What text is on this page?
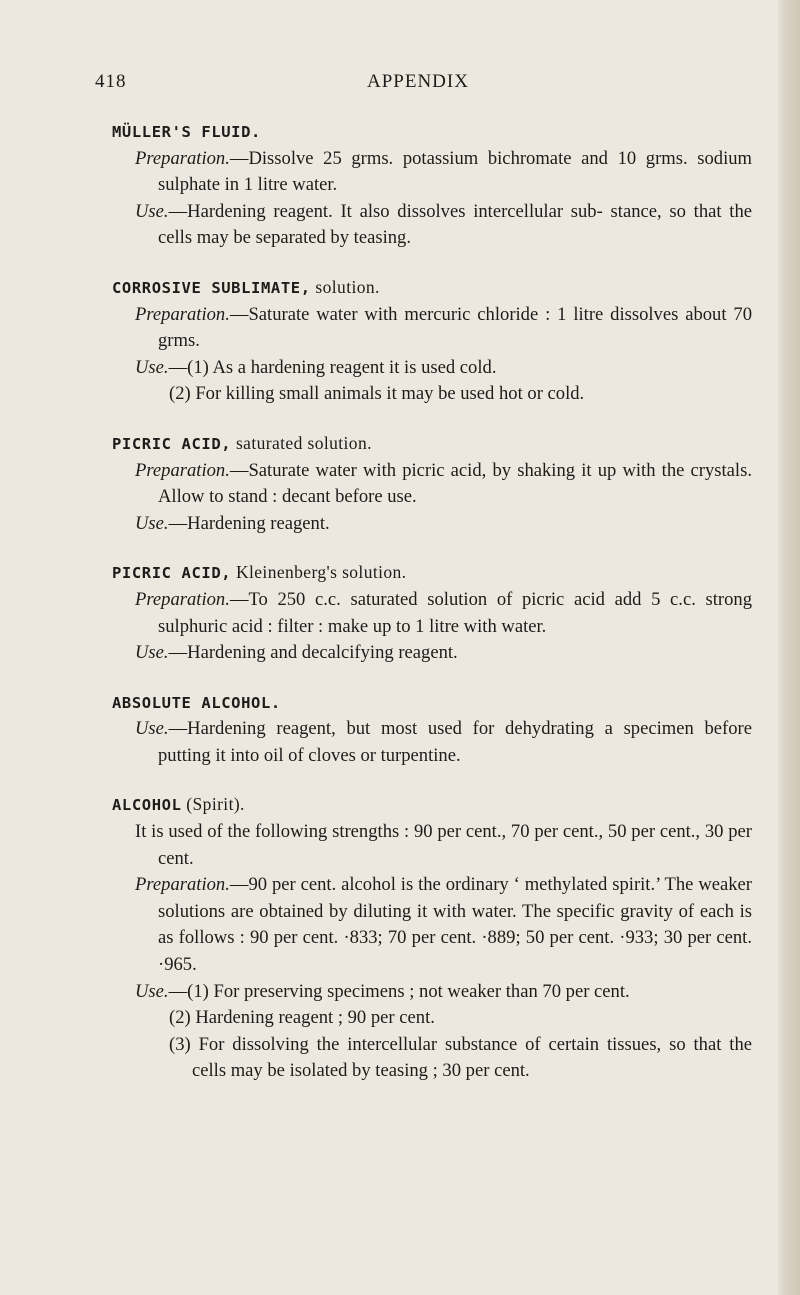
418	APPENDIX
MÜLLER'S FLUID.
Preparation.—Dissolve 25 grms. potassium bichromate and 10 grms. sodium sulphate in 1 litre water.
Use.—Hardening reagent. It also dissolves intercellular sub- stance, so that the cells may be separated by teasing.
CORROSIVE SUBLIMATE, solution.
Preparation.—Saturate water with mercuric chloride : 1 litre dissolves about 70 grms.
Use.—(1) As a hardening reagent it is used cold.
(2) For killing small animals it may be used hot or cold.
PICRIC ACID, saturated solution.
Preparation.—Saturate water with picric acid, by shaking it up with the crystals. Allow to stand : decant before use.
Use.—Hardening reagent.
PICRIC ACID, Kleinenberg's solution.
Preparation.—To 250 c.c. saturated solution of picric acid add 5 c.c. strong sulphuric acid : filter : make up to 1 litre with water.
Use.—Hardening and decalcifying reagent.
ABSOLUTE ALCOHOL.
Use.—Hardening reagent, but most used for dehydrating a specimen before putting it into oil of cloves or turpentine.
ALCOHOL (Spirit).
It is used of the following strengths : 90 per cent., 70 per cent., 50 per cent., 30 per cent.
Preparation.—90 per cent. alcohol is the ordinary ‘ methylated spirit.’ The weaker solutions are obtained by diluting it with water. The specific gravity of each is as follows : 90 per cent. ·833; 70 per cent. ·889; 50 per cent. ·933; 30 per cent. ·965.
Use.—(1) For preserving specimens ; not weaker than 70 per cent.
(2) Hardening reagent ; 90 per cent.
(3) For dissolving the intercellular substance of certain tissues, so that the cells may be isolated by teasing ; 30 per cent.
